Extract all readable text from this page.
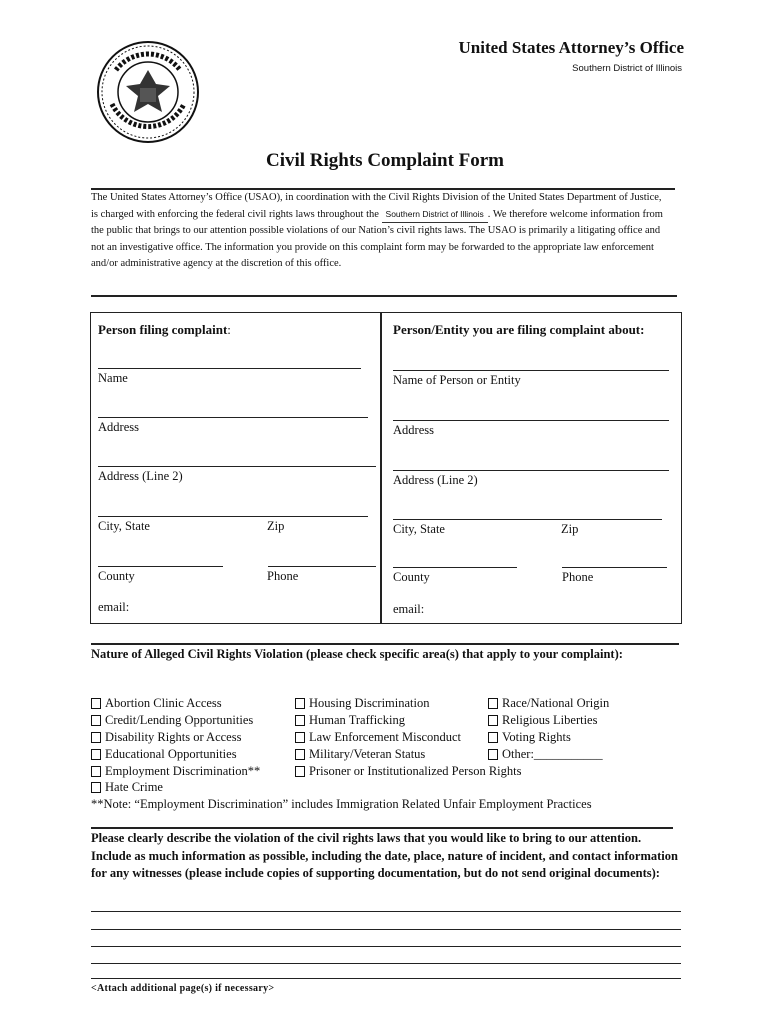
United States Attorney’s Office
Southern District of Illinois
Civil Rights Complaint Form
The United States Attorney’s Office (USAO), in coordination with the Civil Rights Division of the United States Department of Justice, is charged with enforcing the federal civil rights laws throughout the Southern District of Illinois . We therefore welcome information from the public that brings to our attention possible violations of our Nation’s civil rights laws. The USAO is primarily a litigating office and not an investigative office. The information you provide on this complaint form may be forwarded to the appropriate law enforcement and/or administrative agency at the discretion of this office.
Person filing complaint:
Name
Address
Address (Line 2)
City, State	Zip
County	Phone
email:
Person/Entity you are filing complaint about:
Name of Person or Entity
Address
Address (Line 2)
City, State	Zip
County	Phone
email:
Nature of Alleged Civil Rights Violation (please check specific area(s) that apply to your complaint):
Abortion Clinic Access
Credit/Lending Opportunities
Disability Rights or Access
Educational Opportunities
Employment Discrimination**
Hate Crime
Housing Discrimination
Human Trafficking
Law Enforcement Misconduct
Military/Veteran Status
Prisoner or Institutionalized Person Rights
Race/National Origin
Religious Liberties
Voting Rights
Other:___________
**Note: “Employment Discrimination” includes Immigration Related Unfair Employment Practices
Please clearly describe the violation of the civil rights laws that you would like to bring to our attention. Include as much information as possible, including the date, place, nature of incident, and contact information for any witnesses (please include copies of supporting documentation, but do not send original documents):
<Attach additional page(s) if necessary>
